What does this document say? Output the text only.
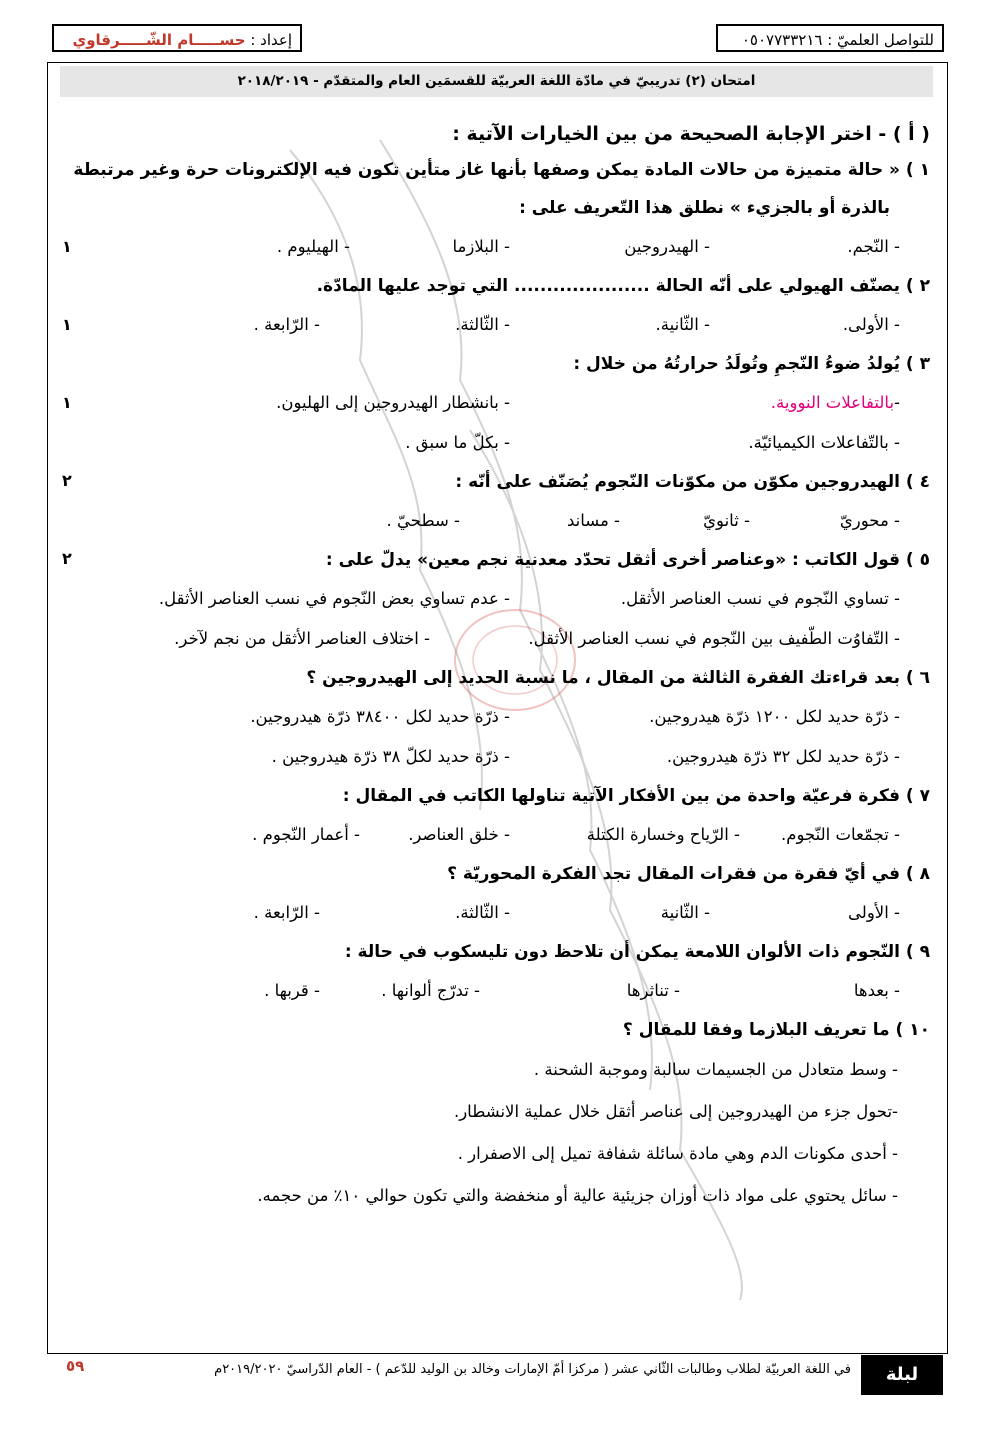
للتواصل العلميّ : ٠٥٠٧٧٣٣٢١٦
إعداد : حســـــام الشّـــــرقاوي
امتحان (٢) تدريبيّ في مادّة اللغة العربيّة للقسمَين العام والمتقدّم - ٢٠١٨/٢٠١٩
( أ ) - اختر الإجابة الصحيحة من بين الخيارات الآتية :
١ ) « حالة متميزة من حالات المادة يمكن وصفها بأنها غاز متأين تكون فيه الإلكترونات حرة وغير مرتبطة
بالذرة أو بالجزيء » نطلق هذا التّعريف على :
- النّجم.
- الهيدروجين
- البلازما
- الهيليوم .
١
٢ ) يصنّف الهيولي على أنّه الحالة ..................... التي توجد عليها المادّة.
- الأولى.
- الثّانية.
- الثّالثة.
- الرّابعة .
١
٣ ) يُولدُ ضوءُ النّجمِ وتُولَدُ حرارتُهُ من خلال :
-بالتفاعلات النووية.
- بانشطار الهيدروجين إلى الهليون.
١
- بالتّفاعلات الكيميائيّة.
- بكلّ ما سبق .
٤ ) الهيدروجين مكوّن من مكوّنات النّجوم يُصَنّف على أنّه :
- محوريّ
- ثانويّ
- مساند
- سطحيّ .
٢
٥ ) قول الكاتب : «وعناصر أخرى أثقل تحدّد معدنية نجم معين» يدلّ على :
- تساوي النّجوم في نسب العناصر الأثقل.
- عدم تساوي بعض النّجوم في نسب العناصر الأثقل.
٢
- التّفاوُت الطّفيف بين النّجوم في نسب العناصر الأثقل.
- اختلاف العناصر الأثقل من نجم لآخر.
٦ ) بعد قراءتك الفقرة الثالثة من المقال ، ما نسبة الحديد إلى الهيدروجين ؟
- ذرّة حديد لكل ١٢٠٠ ذرّة هيدروجين.
- ذرّة حديد لكل ٣٨٤٠٠ ذرّة هيدروجين.
- ذرّة حديد لكل ٣٢ ذرّة هيدروجين.
- ذرّة حديد لكلّ ٣٨ ذرّة هيدروجين .
٧ ) فكرة فرعيّة واحدة من بين الأفكار الآتية تناولها الكاتب في المقال :
- تجمّعات النّجوم.
- الرّياح وخسارة الكتلة
- خلق العناصر.
- أعمار النّجوم .
٨ ) في أيّ فقرة من فقرات المقال تجد الفكرة المحوريّة ؟
- الأولى
- الثّانية
- الثّالثة.
- الرّابعة .
٩ ) النّجوم ذات الألوان اللامعة يمكن أن تلاحظ دون تليسكوب في حالة :
- بعدها
- تناثرها
- تدرّج ألوانها .
- قربها .
١٠ ) ما تعريف البلازما وفقا للمقال ؟
- وسط متعادل من الجسيمات سالبة وموجبة الشحنة .
-تحول جزء من الهيدروجين إلى عناصر أثقل خلال عملية الانشطار.
- أحدى مكونات الدم وهي مادة سائلة شفافة تميل إلى الاصفرار .
- سائل يحتوي على مواد ذات أوزان جزيئية عالية أو منخفضة والتي تكون حوالي ١٠٪ من حجمه.
لبلة الامتحان
في اللغة العربيّة لطلاب وطالبات الثّاني عشر ( مركزا أمّ الإمارات وخالد بن الوليد للدّعم ) - العام الدّراسيّ ٢٠١٩/٢٠٢٠م
٥٩
